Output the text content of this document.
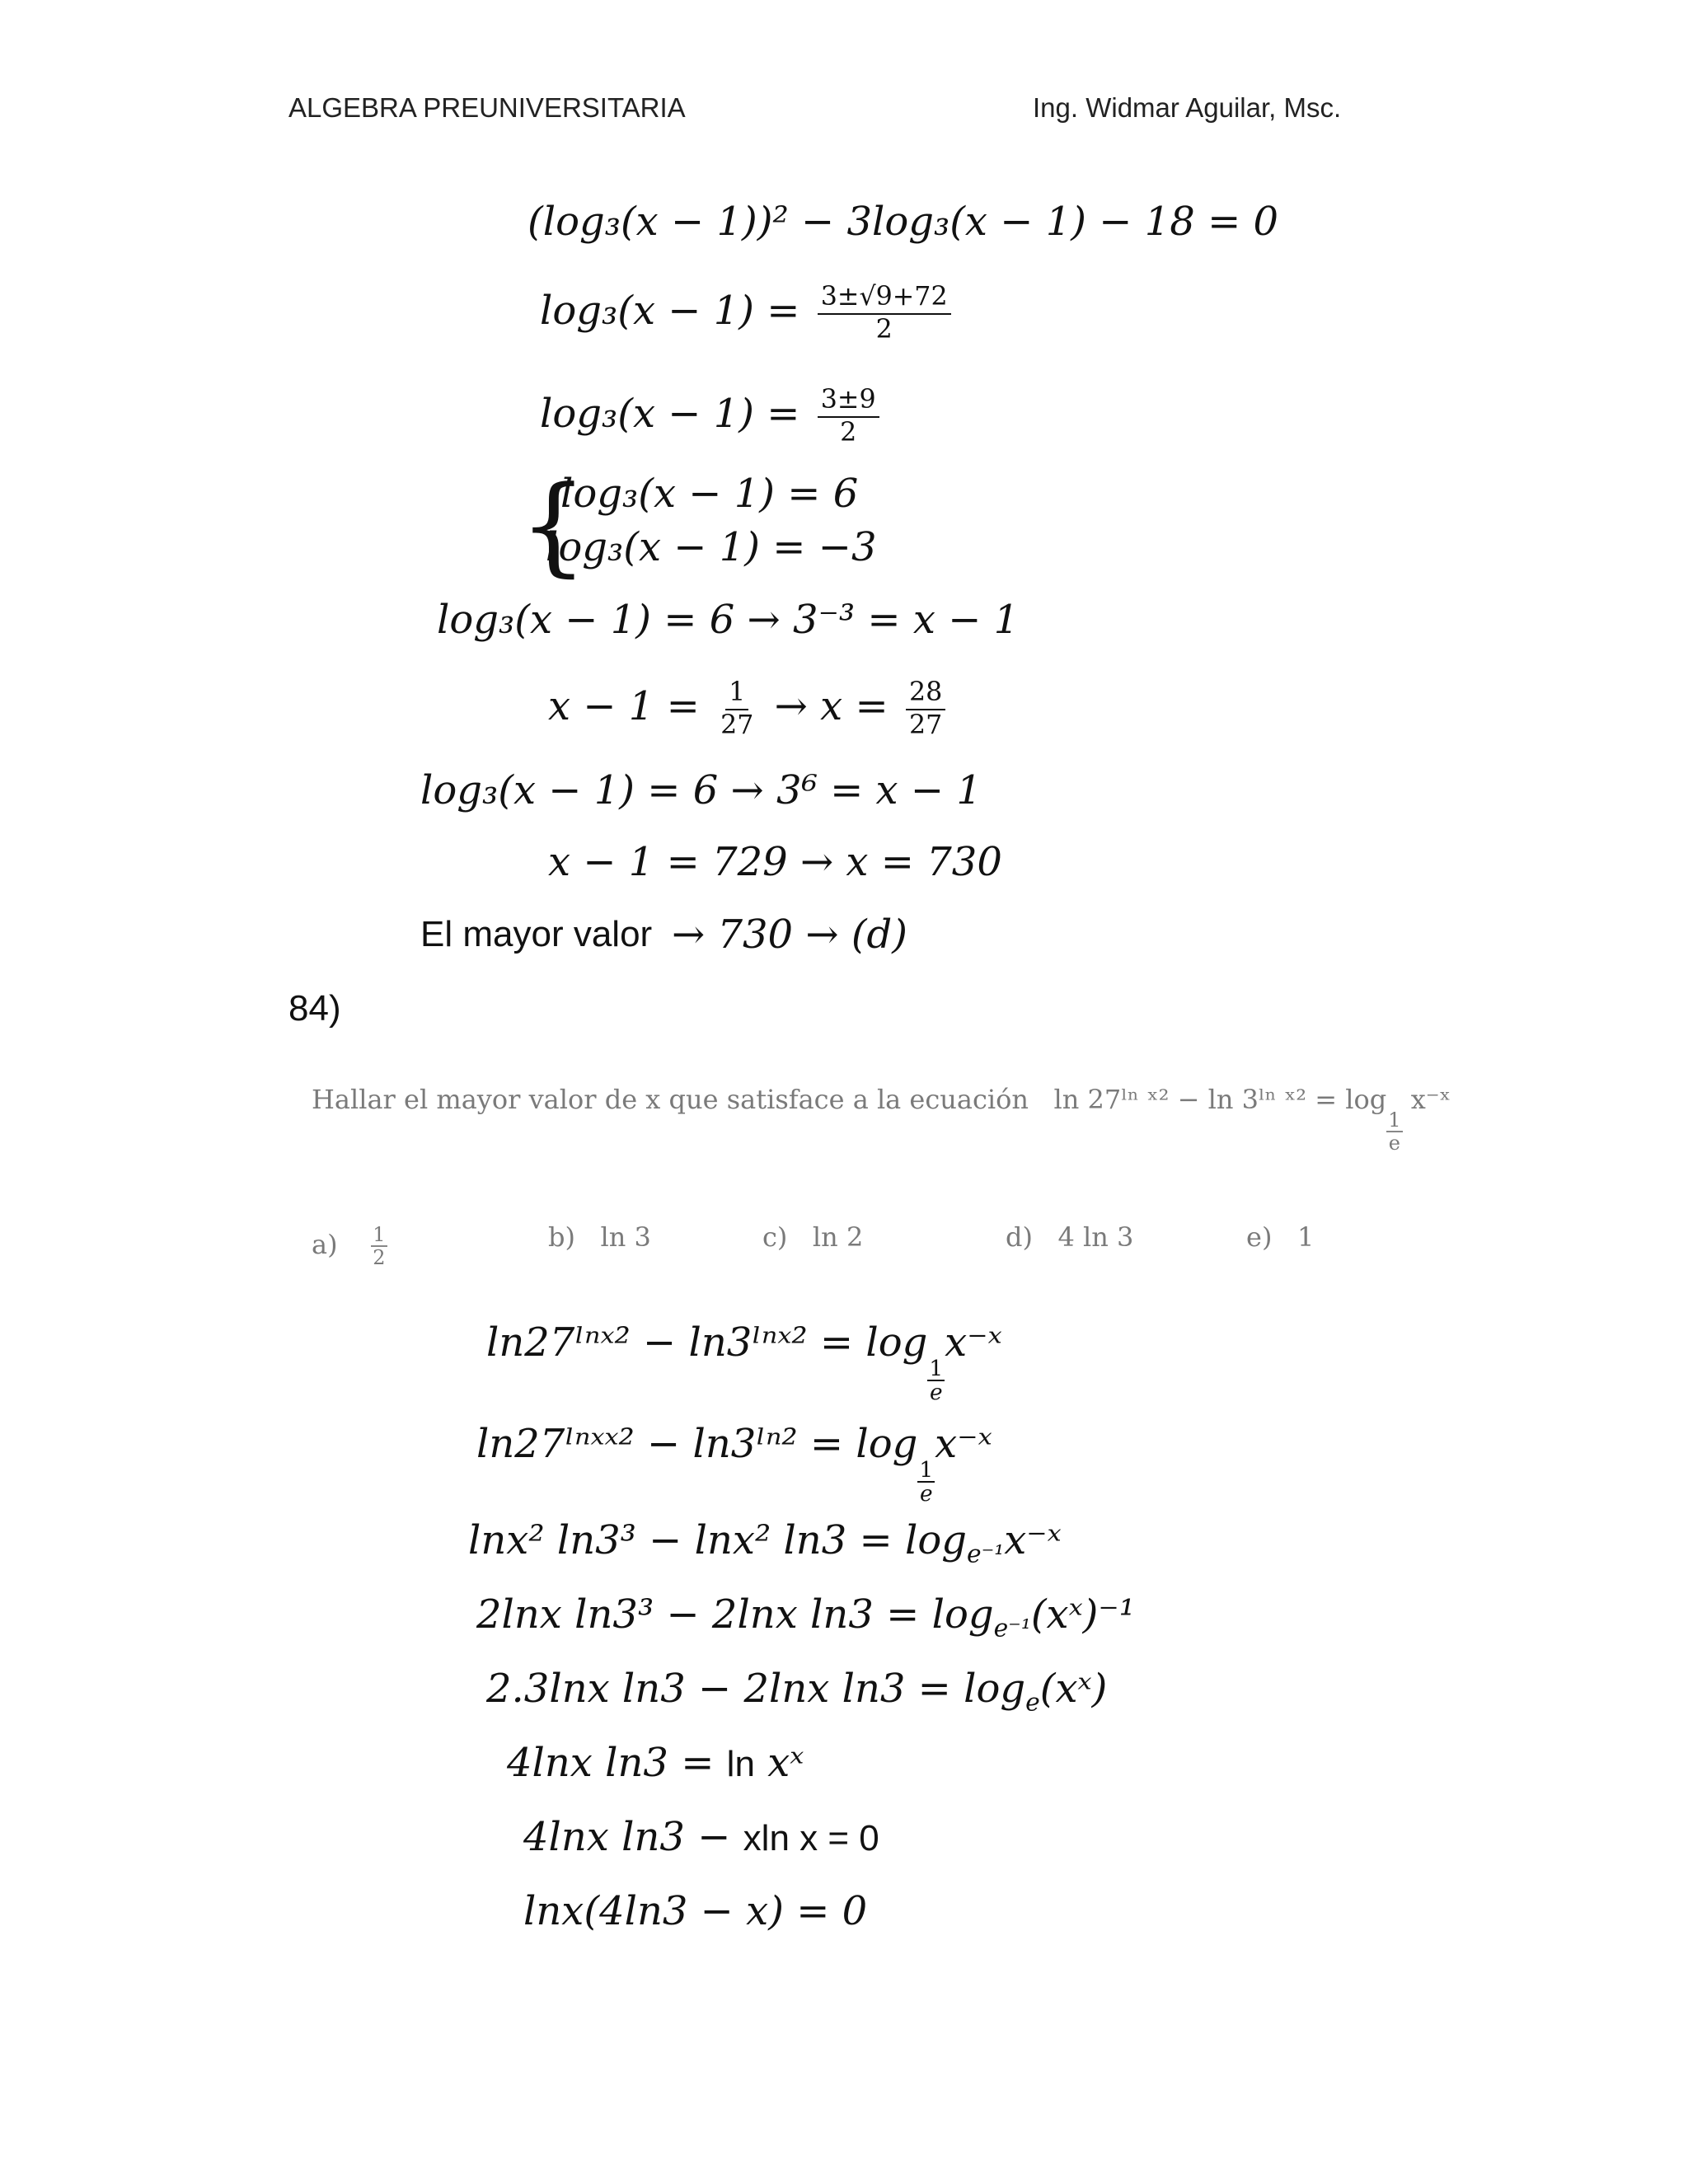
ALGEBRA PREUNIVERSITARIA	Ing. Widmar Aguilar, Msc.
(log₃(x − 1))² − 3log₃(x − 1) − 18 = 0
$\log_3(x - 1) = \frac{3\pm√9+72}{2}$
$\log_3(x - 1) = \frac{3\pm 9}{2}$
{
log₃(x − 1) = 6
log₃(x − 1) = −3
log₃(x − 1) = 6 → 3⁻³ = x − 1
$x - 1 = \frac{1}{27} \to x = \frac{28}{27}$
log₃(x − 1) = 6 → 3⁶ = x − 1
x − 1 = 729 → x = 730
El mayor valor → 730 → (d)
84)
Hallar el mayor valor de x que satisface a la ecuación ln 27ˡⁿ ˣ² − ln 3ˡⁿ ˣ² = log
$\frac{1}{e}$
x⁻ˣ
$a) \frac{1}{2}$	b) ln 3	c) ln 2	d) 4 ln 3	e) 1
ln27ˡⁿˣ² − ln3ˡⁿˣ² = log
$\frac{1}{e}$
x⁻ˣ
ln27ˡⁿˣˣ² − ln3ˡⁿ² = log
$\frac{1}{e}$
x⁻ˣ
lnx² ln3³ − lnx² $\ln 3 = \log_{e^{-1}}x^-ˣ$
2lnx ln3³ − 2lnx $\ln 3 = \log_{e^{-1}}(xˣ)^{-1}$
2.3lnx ln3 − 2lnx $\ln 3 = \log_e(xˣ)$
4lnx ln3 = ln xˣ
4lnx ln3 − xln x = 0
lnx(4ln3 − x) = 0
